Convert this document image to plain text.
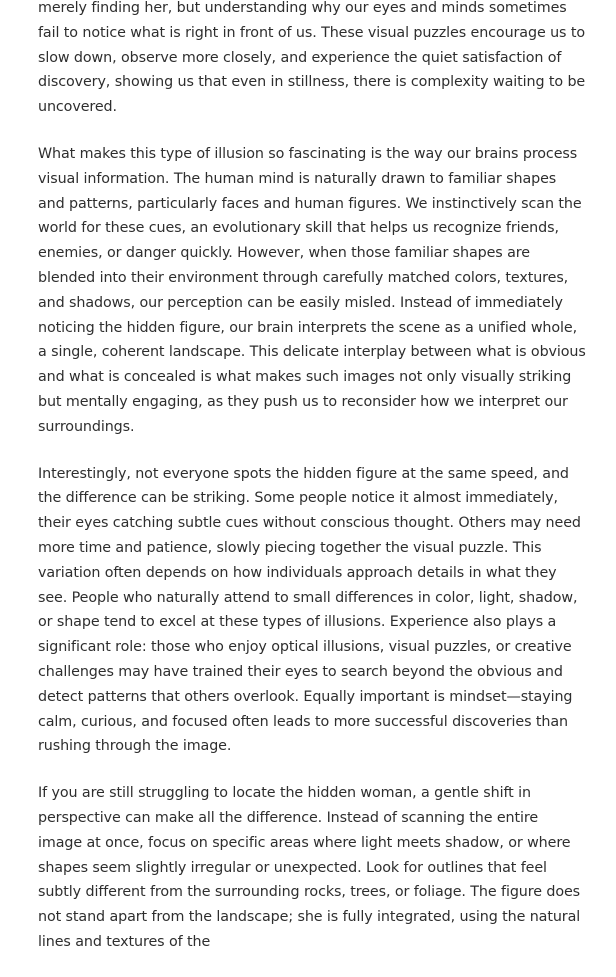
merely finding her, but understanding why our eyes and minds sometimes fail to notice what is right in front of us. These visual puzzles encourage us to slow down, observe more closely, and experience the quiet satisfaction of discovery, showing us that even in stillness, there is complexity waiting to be uncovered.

What makes this type of illusion so fascinating is the way our brains process visual information. The human mind is naturally drawn to familiar shapes and patterns, particularly faces and human figures. We instinctively scan the world for these cues, an evolutionary skill that helps us recognize friends, enemies, or danger quickly. However, when those familiar shapes are blended into their environment through carefully matched colors, textures, and shadows, our perception can be easily misled. Instead of immediately noticing the hidden figure, our brain interprets the scene as a unified whole, a single, coherent landscape. This delicate interplay between what is obvious and what is concealed is what makes such images not only visually striking but mentally engaging, as they push us to reconsider how we interpret our surroundings.

Interestingly, not everyone spots the hidden figure at the same speed, and the difference can be striking. Some people notice it almost immediately, their eyes catching subtle cues without conscious thought. Others may need more time and patience, slowly piecing together the visual puzzle. This variation often depends on how individuals approach details in what they see. People who naturally attend to small differences in color, light, shadow, or shape tend to excel at these types of illusions. Experience also plays a significant role: those who enjoy optical illusions, visual puzzles, or creative challenges may have trained their eyes to search beyond the obvious and detect patterns that others overlook. Equally important is mindset—staying calm, curious, and focused often leads to more successful discoveries than rushing through the image.

If you are still struggling to locate the hidden woman, a gentle shift in perspective can make all the difference. Instead of scanning the entire image at once, focus on specific areas where light meets shadow, or where shapes seem slightly irregular or unexpected. Look for outlines that feel subtly different from the surrounding rocks, trees, or foliage. The figure does not stand apart from the landscape; she is fully integrated, using the natural lines and textures of the
